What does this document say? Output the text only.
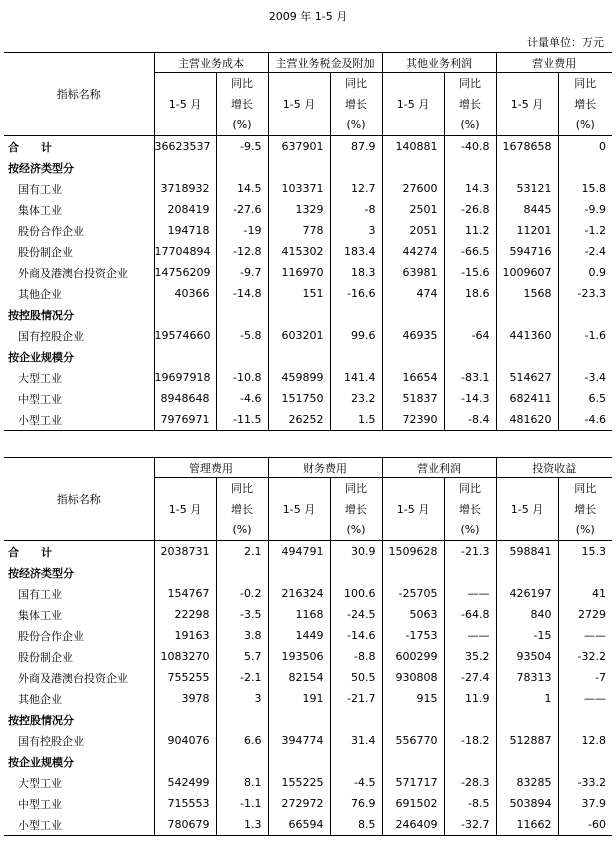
2009 年 1-5 月
计量单位：万元
指标名称	主营业务成本		主营业务税金及附加		其他业务利润		营业费用	
	1-5 月	同比	1-5 月	同比	1-5 月	同比	1-5 月	同比
		增长		增长		增长		增长
		(%)		(%)		(%)		(%)
合　　计	36623537	-9.5	637901	87.9	140881	-40.8	1678658	0
按经济类型分								
国有工业	3718932	14.5	103371	12.7	27600	14.3	53121	15.8
集体工业	208419	-27.6	1329	-8	2501	-26.8	8445	-9.9
股份合作企业	194718	-19	778	3	2051	11.2	11201	-1.2
股份制企业	17704894	-12.8	415302	183.4	44274	-66.5	594716	-2.4
外商及港澳台投资企业	14756209	-9.7	116970	18.3	63981	-15.6	1009607	0.9
其他企业	40366	-14.8	151	-16.6	474	18.6	1568	-23.3
按控股情况分								
国有控股企业	19574660	-5.8	603201	99.6	46935	-64	441360	-1.6
按企业规模分								
大型工业	19697918	-10.8	459899	141.4	16654	-83.1	514627	-3.4
中型工业	8948648	-4.6	151750	23.2	51837	-14.3	682411	6.5
小型工业	7976971	-11.5	26252	1.5	72390	-8.4	481620	-4.6
指标名称	管理费用		财务费用		营业利润		投资收益	
	1-5 月	同比	1-5 月	同比	1-5 月	同比	1-5 月	同比
		增长		增长		增长		增长
		(%)		(%)		(%)		(%)
合　　计	2038731	2.1	494791	30.9	1509628	-21.3	598841	15.3
按经济类型分								
国有工业	154767	-0.2	216324	100.6	-25705	——	426197	41
集体工业	22298	-3.5	1168	-24.5	5063	-64.8	840	2729
股份合作企业	19163	3.8	1449	-14.6	-1753	——	-15	——
股份制企业	1083270	5.7	193506	-8.8	600299	35.2	93504	-32.2
外商及港澳台投资企业	755255	-2.1	82154	50.5	930808	-27.4	78313	-7
其他企业	3978	3	191	-21.7	915	11.9	1	——
按控股情况分								
国有控股企业	904076	6.6	394774	31.4	556770	-18.2	512887	12.8
按企业规模分								
大型工业	542499	8.1	155225	-4.5	571717	-28.3	83285	-33.2
中型工业	715553	-1.1	272972	76.9	691502	-8.5	503894	37.9
小型工业	780679	1.3	66594	8.5	246409	-32.7	11662	-60
